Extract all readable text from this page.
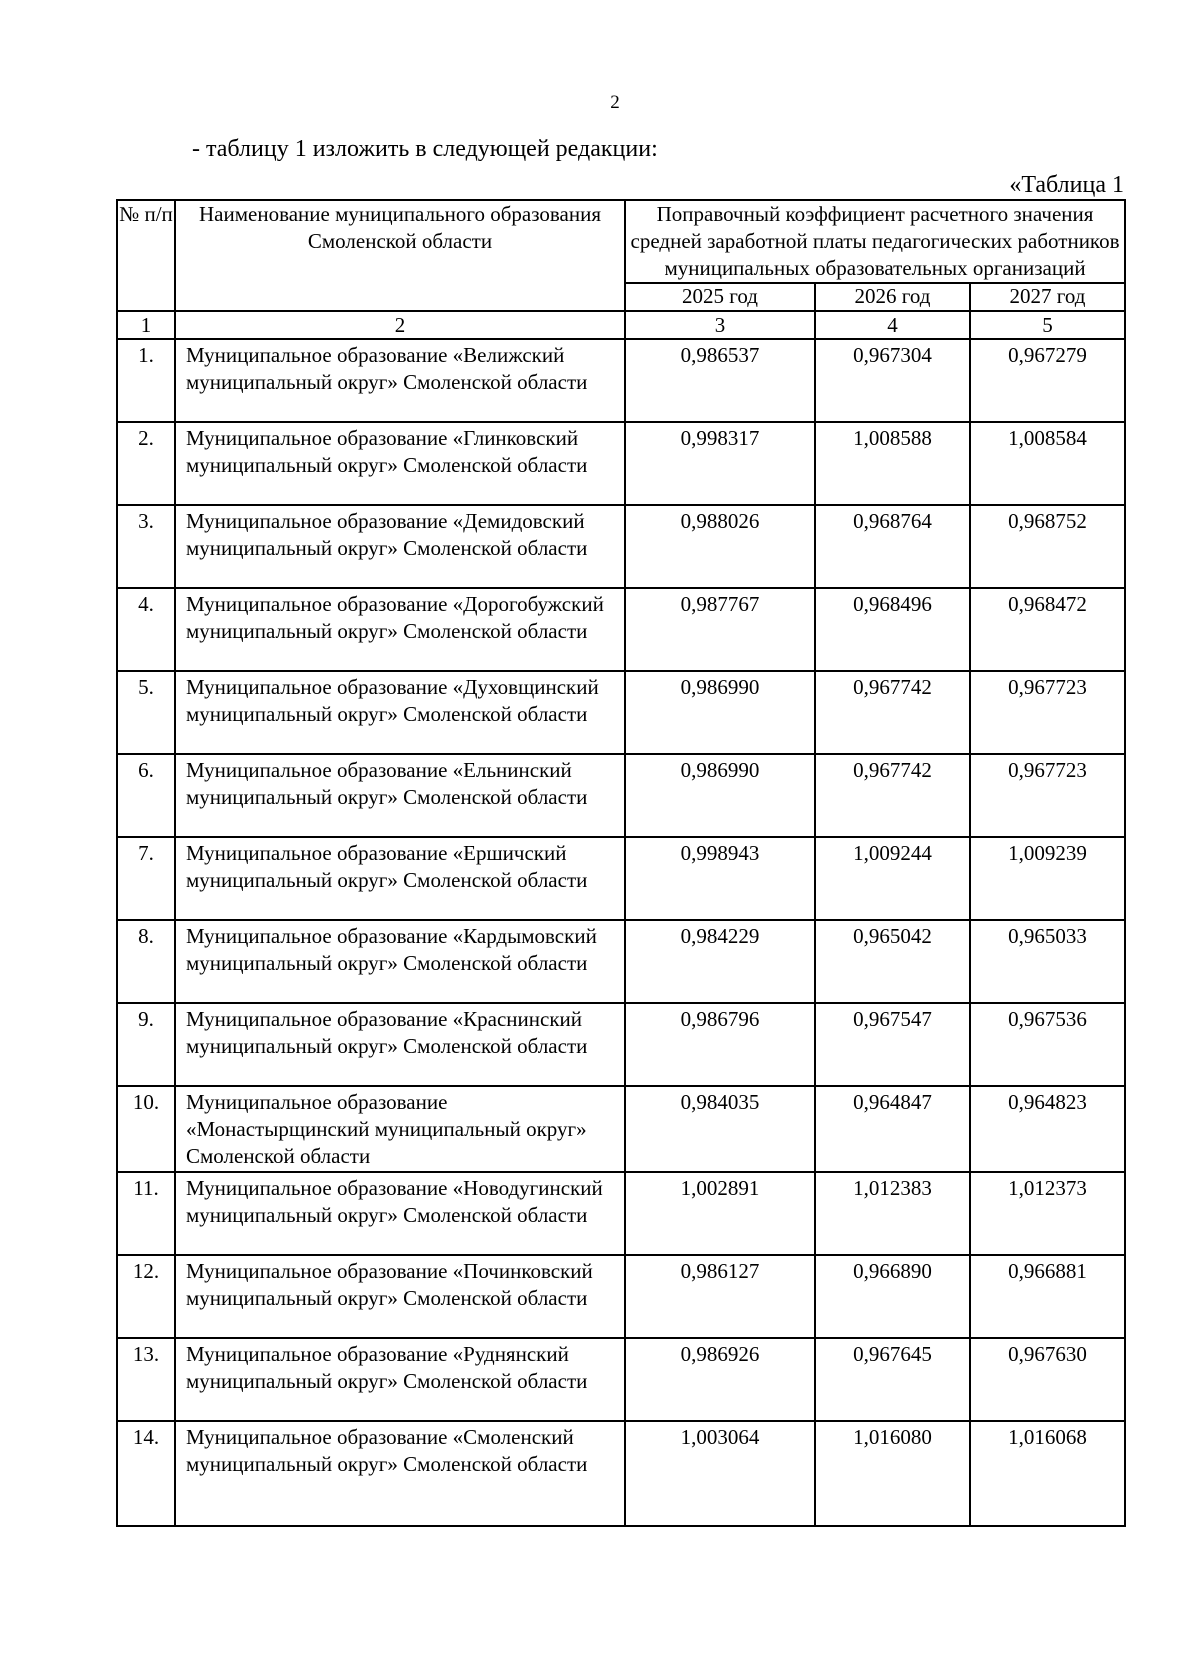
2
- таблицу 1 изложить в следующей редакции:
«Таблица 1
№ п/п	Наименование муниципального образования Смоленской области	Поправочный коэффициент расчетного значения средней заработной платы педагогических работников муниципальных образовательных организаций		
		2025 год	2026 год	2027 год
1	2	3	4	5
1.	Муниципальное образование «Велижский муниципальный округ» Смоленской области	0,986537	0,967304	0,967279
2.	Муниципальное образование «Глинковский муниципальный округ» Смоленской области	0,998317	1,008588	1,008584
3.	Муниципальное образование «Демидовский муниципальный округ» Смоленской области	0,988026	0,968764	0,968752
4.	Муниципальное образование «Дорогобужский муниципальный округ» Смоленской области	0,987767	0,968496	0,968472
5.	Муниципальное образование «Духовщинский муниципальный округ» Смоленской области	0,986990	0,967742	0,967723
6.	Муниципальное образование «Ельнинский муниципальный округ» Смоленской области	0,986990	0,967742	0,967723
7.	Муниципальное образование «Ершичский муниципальный округ» Смоленской области	0,998943	1,009244	1,009239
8.	Муниципальное образование «Кардымовский муниципальный округ» Смоленской области	0,984229	0,965042	0,965033
9.	Муниципальное образование «Краснинский муниципальный округ» Смоленской области	0,986796	0,967547	0,967536
10.	Муниципальное образование «Монастырщинский муниципальный округ» Смоленской области	0,984035	0,964847	0,964823
11.	Муниципальное образование «Новодугинский муниципальный округ» Смоленской области	1,002891	1,012383	1,012373
12.	Муниципальное образование «Починковский муниципальный округ» Смоленской области	0,986127	0,966890	0,966881
13.	Муниципальное образование «Руднянский муниципальный округ» Смоленской области	0,986926	0,967645	0,967630
14.	Муниципальное образование «Смоленский муниципальный округ» Смоленской области	1,003064	1,016080	1,016068
